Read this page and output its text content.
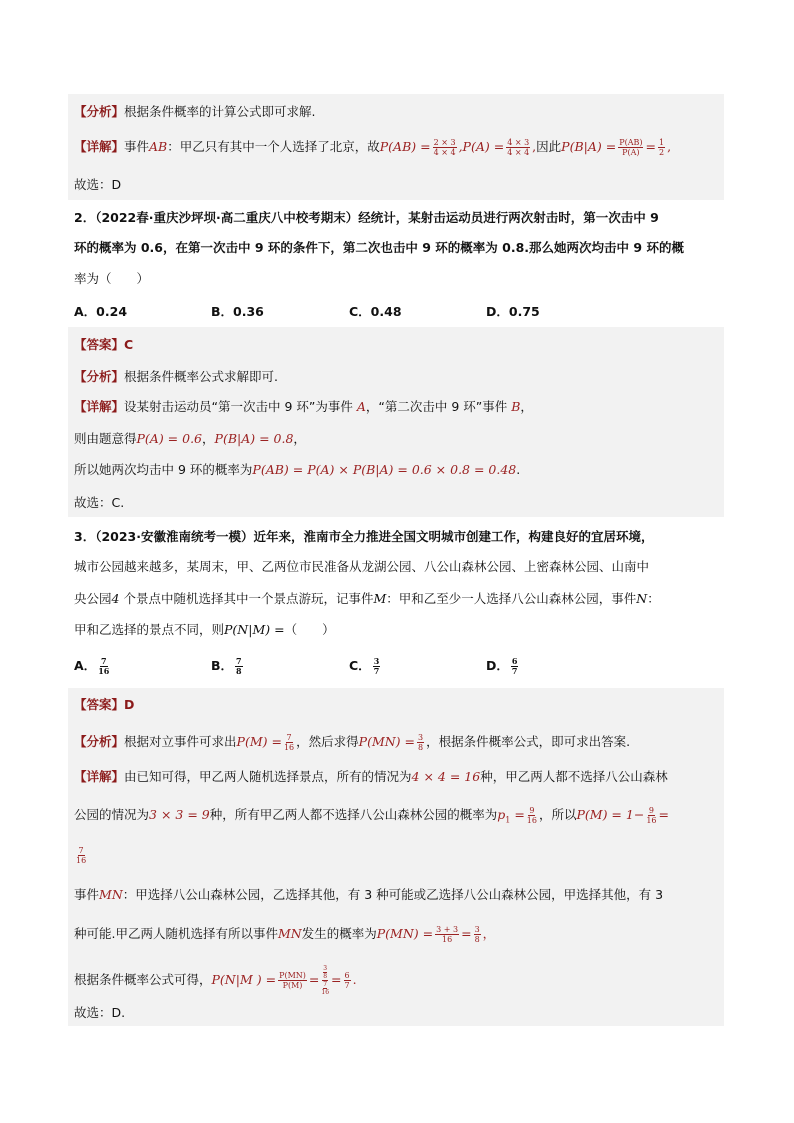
【分析】根据条件概率的计算公式即可求解.
【详解】事件AB：甲乙只有其中一个人选择了北京，故$P(AB) = \frac{2 \times 3}{4 \times 4} ,P(A) = \frac{4 \times 3}{4 \times 4}$ ,因此$P(B|A) = \frac{P(AB)}{P(A)} = \frac{1}{2}$ ,
故选：D
2．（2022春·重庆沙坪坝·高二重庆八中校考期末）经统计，某射击运动员进行两次射击时，第一次击中 9
环的概率为 0.6，在第一次击中 9 环的条件下，第二次也击中 9 环的概率为 0.8.那么她两次均击中 9 环的概
率为（　　）
A．0.24	B．0.36	C．0.48	D．0.75
【答案】C
【分析】根据条件概率公式求解即可.
【详解】设某射击运动员“第一次击中 9 环”为事件 A，“第二次击中 9 环”事件 B，
则由题意得P(A) = 0.6，P(B|A) = 0.8，
所以她两次均击中 9 环的概率为P(AB) = P(A) × P(B|A) = 0.6 × 0.8 = 0.48.
故选：C.
3．（2023·安徽淮南统考一模）近年来，淮南市全力推进全国文明城市创建工作，构建良好的宜居环境，
城市公园越来越多，某周末，甲、乙两位市民准备从龙湖公园、八公山森林公园、上密森林公园、山南中
央公园4 个景点中随机选择其中一个景点游玩，记事件M：甲和乙至少一人选择八公山森林公园，事件N：
甲和乙选择的景点不同，则P(N|M) =（　　）
A． $\frac{7}{16}$	B． $\frac{7}{8}$	C． $\frac{3}{7}$	D． $\frac{6}{7}$
【答案】D
【分析】根据对立事件可求出$P(M) = \frac{7}{16}$ ，然后求得$P(MN) = \frac{3}{8}$ ，根据条件概率公式，即可求出答案.
【详解】由已知可得，甲乙两人随机选择景点，所有的情况为4 × 4 = 16种，甲乙两人都不选择八公山森林
公园的情况为3 × 3 = 9种，所有甲乙两人都不选择八公山森林公园的概率为$p_1 = \frac{9}{16}$ ，所以$P(M) = 1- \frac{9}{16}$ =
$\frac{7}{16}$
事件MN：甲选择八公山森林公园，乙选择其他，有 3 种可能或乙选择八公山森林公园，甲选择其他，有 3
种可能.甲乙两人随机选择有所以事件MN发生的概率为$P(MN) = \frac{3 + 3}{16} = \frac{3}{8}$ ，
根据条件概率公式可得，P(N|M ) = $\frac{P(MN)}{P(M)} = 3$
8
7
$16 = \frac{6}{7}$ .
故选：D.
